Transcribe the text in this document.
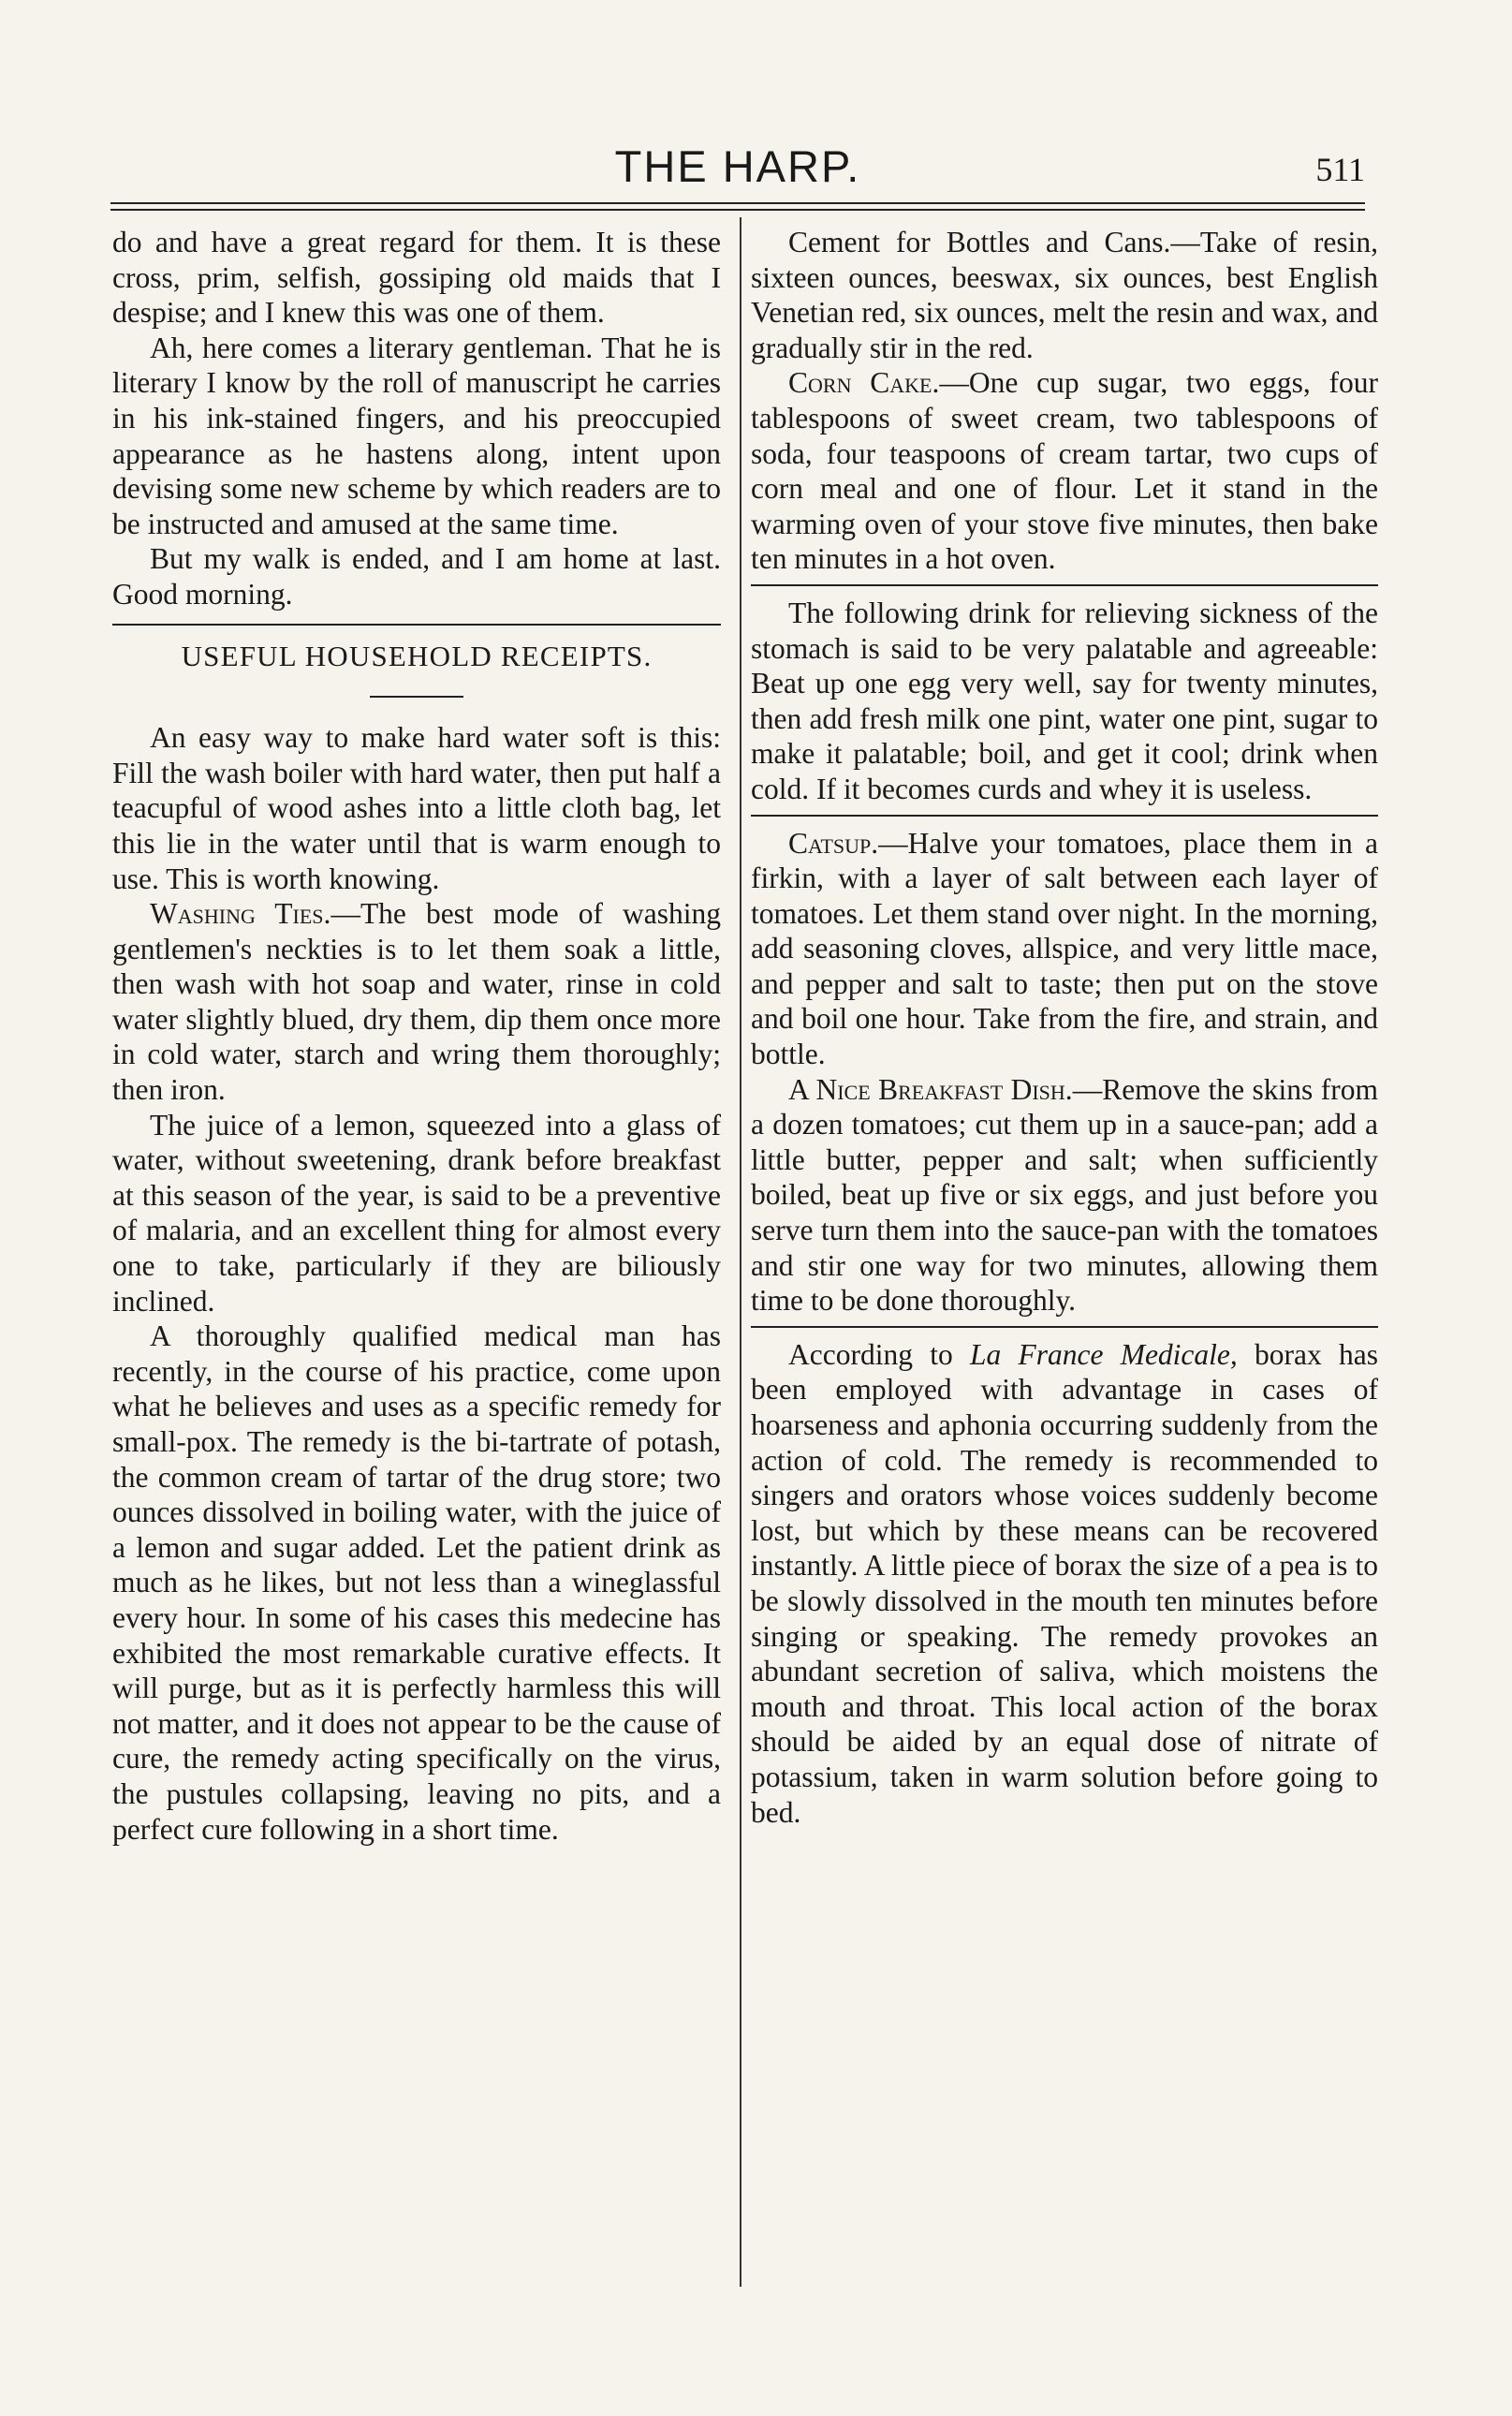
THE HARP.	511

do and have a great regard for them. It is these cross, prim, selfish, gossiping old maids that I despise; and I knew this was one of them.

Ah, here comes a literary gentleman. That he is literary I know by the roll of manuscript he carries in his ink-stained fingers, and his preoccupied appearance as he hastens along, intent upon devising some new scheme by which readers are to be instructed and amused at the same time.

But my walk is ended, and I am home at last. Good morning.

USEFUL HOUSEHOLD RECEIPTS.

An easy way to make hard water soft is this: Fill the wash boiler with hard water, then put half a teacupful of wood ashes into a little cloth bag, let this lie in the water until that is warm enough to use. This is worth knowing.

Washing Ties.—The best mode of washing gentlemen's neckties is to let them soak a little, then wash with hot soap and water, rinse in cold water slightly blued, dry them, dip them once more in cold water, starch and wring them thoroughly; then iron.

The juice of a lemon, squeezed into a glass of water, without sweetening, drank before breakfast at this season of the year, is said to be a preventive of malaria, and an excellent thing for almost every one to take, particularly if they are biliously inclined.

A thoroughly qualified medical man has recently, in the course of his practice, come upon what he believes and uses as a specific remedy for small-pox. The remedy is the bi-tartrate of potash, the common cream of tartar of the drug store; two ounces dissolved in boiling water, with the juice of a lemon and sugar added. Let the patient drink as much as he likes, but not less than a wineglassful every hour. In some of his cases this medecine has exhibited the most remarkable curative effects. It will purge, but as it is perfectly harmless this will not matter, and it does not appear to be the cause of cure, the remedy acting specifically on the virus, the pustules collapsing, leaving no pits, and a perfect cure following in a short time.

Cement for Bottles and Cans.—Take of resin, sixteen ounces, beeswax, six ounces, best English Venetian red, six ounces, melt the resin and wax, and gradually stir in the red.

Corn Cake.—One cup sugar, two eggs, four tablespoons of sweet cream, two tablespoons of soda, four teaspoons of cream tartar, two cups of corn meal and one of flour. Let it stand in the warming oven of your stove five minutes, then bake ten minutes in a hot oven.

The following drink for relieving sickness of the stomach is said to be very palatable and agreeable: Beat up one egg very well, say for twenty minutes, then add fresh milk one pint, water one pint, sugar to make it palatable; boil, and get it cool; drink when cold. If it becomes curds and whey it is useless.

Catsup.—Halve your tomatoes, place them in a firkin, with a layer of salt between each layer of tomatoes. Let them stand over night. In the morning, add seasoning cloves, allspice, and very little mace, and pepper and salt to taste; then put on the stove and boil one hour. Take from the fire, and strain, and bottle.

A Nice Breakfast Dish.—Remove the skins from a dozen tomatoes; cut them up in a sauce-pan; add a little butter, pepper and salt; when sufficiently boiled, beat up five or six eggs, and just before you serve turn them into the sauce-pan with the tomatoes and stir one way for two minutes, allowing them time to be done thoroughly.

According to La France Medicale, borax has been employed with advantage in cases of hoarseness and aphonia occurring suddenly from the action of cold. The remedy is recommended to singers and orators whose voices suddenly become lost, but which by these means can be recovered instantly. A little piece of borax the size of a pea is to be slowly dissolved in the mouth ten minutes before singing or speaking. The remedy provokes an abundant secretion of saliva, which moistens the mouth and throat. This local action of the borax should be aided by an equal dose of nitrate of potassium, taken in warm solution before going to bed.
